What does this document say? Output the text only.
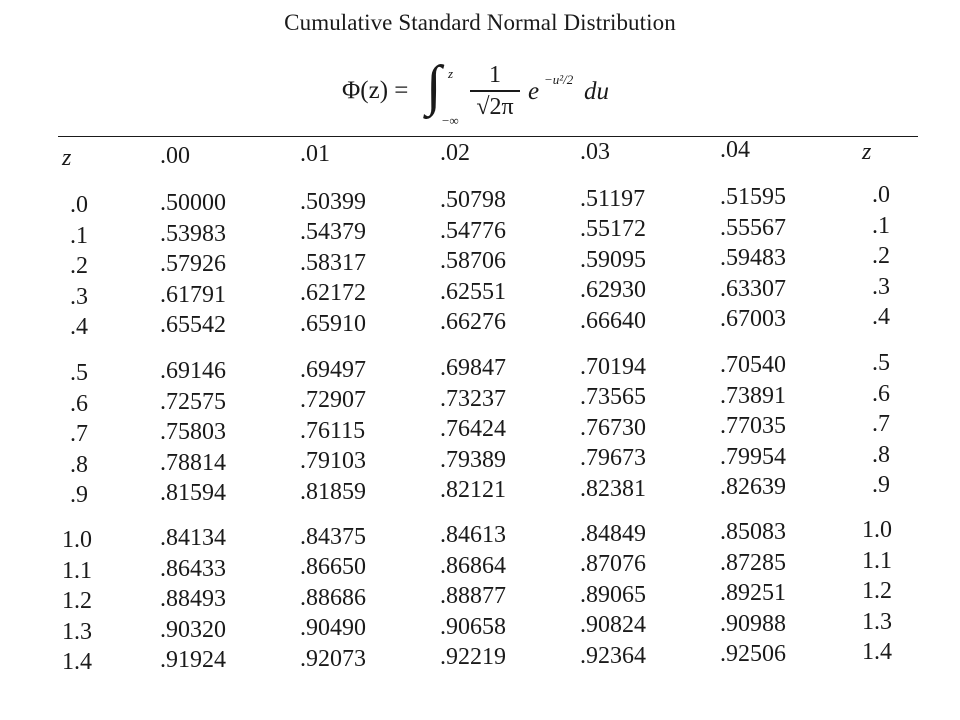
Cumulative Standard Normal Distribution
Φ(z) = ∫ z
−∞
1
√2π
e −u²/2 du
z	.00	.01	.02	.03	.04	z
.0	.50000	.50399	.50798	.51197	.51595	.0
.1	.53983	.54379	.54776	.55172	.55567	.1
.2	.57926	.58317	.58706	.59095	.59483	.2
.3	.61791	.62172	.62551	.62930	.63307	.3
.4	.65542	.65910	.66276	.66640	.67003	.4
.5	.69146	.69497	.69847	.70194	.70540	.5
.6	.72575	.72907	.73237	.73565	.73891	.6
.7	.75803	.76115	.76424	.76730	.77035	.7
.8	.78814	.79103	.79389	.79673	.79954	.8
.9	.81594	.81859	.82121	.82381	.82639	.9
1.0	.84134	.84375	.84613	.84849	.85083	1.0
1.1	.86433	.86650	.86864	.87076	.87285	1.1
1.2	.88493	.88686	.88877	.89065	.89251	1.2
1.3	.90320	.90490	.90658	.90824	.90988	1.3
1.4	.91924	.92073	.92219	.92364	.92506	1.4
